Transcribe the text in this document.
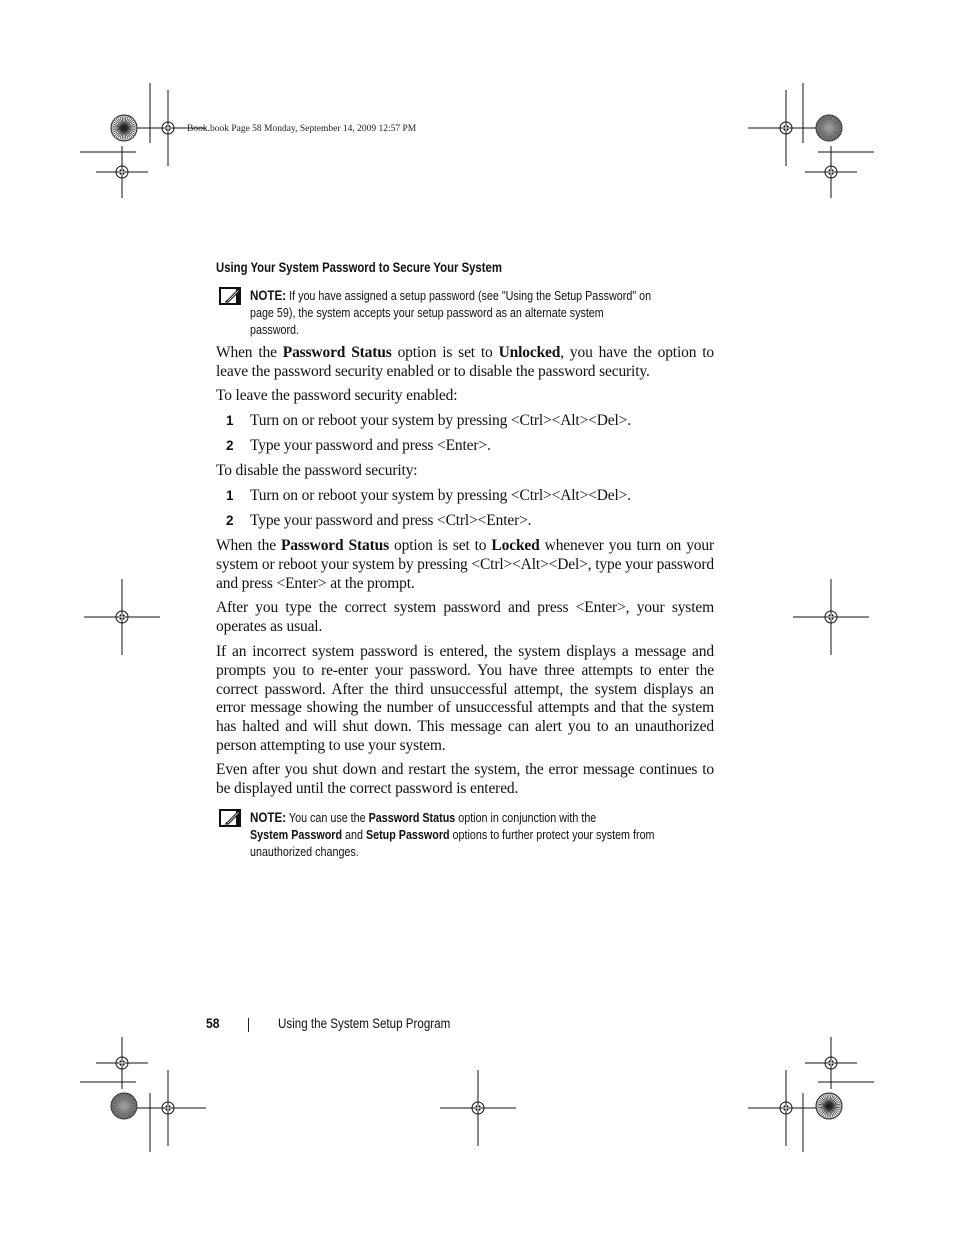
Book.book Page 58 Monday, September 14, 2009 12:57 PM
Using Your System Password to Secure Your System
NOTE: If you have assigned a setup password (see "Using the Setup Password" on
page 59), the system accepts your setup password as an alternate system
password.
When the Password Status option is set to Unlocked, you have the option to leave the password security enabled or to disable the password security.
To leave the password security enabled:
1 Turn on or reboot your system by pressing <Ctrl><Alt><Del>.
2 Type your password and press <Enter>.
To disable the password security:
1 Turn on or reboot your system by pressing <Ctrl><Alt><Del>.
2 Type your password and press <Ctrl><Enter>.
When the Password Status option is set to Locked whenever you turn on your system or reboot your system by pressing <Ctrl><Alt><Del>, type your password and press <Enter> at the prompt.
After you type the correct system password and press <Enter>, your system operates as usual.
If an incorrect system password is entered, the system displays a message and prompts you to re-enter your password. You have three attempts to enter the correct password. After the third unsuccessful attempt, the system displays an error message showing the number of unsuccessful attempts and that the system has halted and will shut down. This message can alert you to an unauthorized person attempting to use your system.
Even after you shut down and restart the system, the error message continues to be displayed until the correct password is entered.
NOTE: You can use the Password Status option in conjunction with the
System Password and Setup Password options to further protect your system from
unauthorized changes.
58	Using the System Setup Program
